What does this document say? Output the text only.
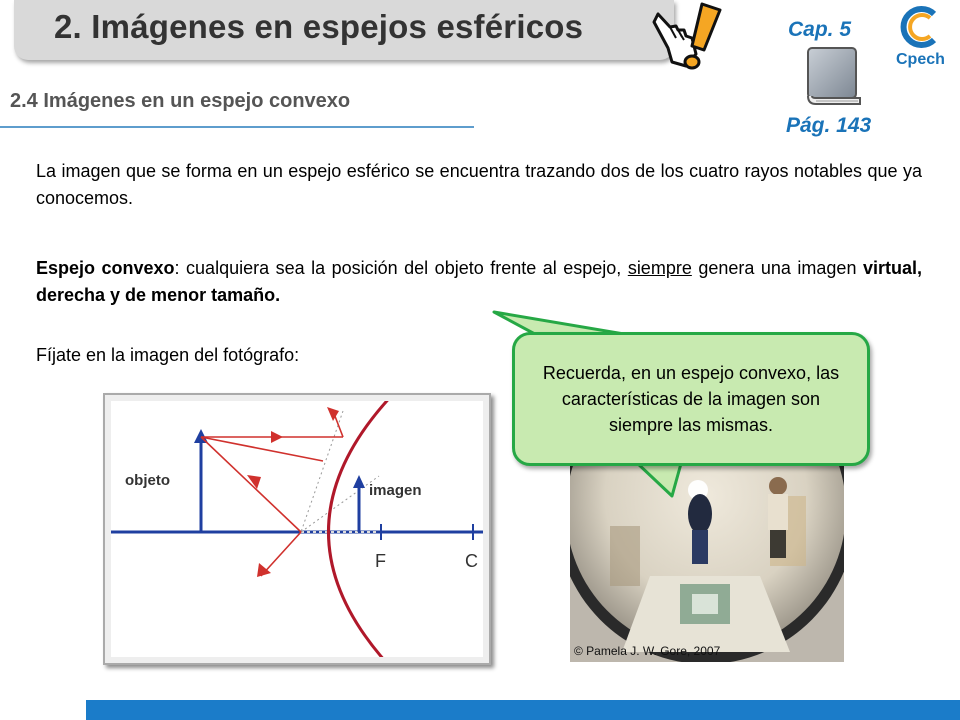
2. Imágenes en espejos esféricos	Cap. 5
Pág. 143
Cpech
2.4 Imágenes en un espejo convexo
La imagen que se forma en un espejo esférico se encuentra trazando dos de los cuatro rayos notables que ya conocemos.
Espejo convexo: cualquiera sea la posición del objeto frente al espejo, siempre genera una imagen virtual, derecha y de menor tamaño.
Fíjate en la imagen del fotógrafo:
objeto
imagen
F	C
© Pamela J. W. Gore, 2007
Recuerda, en un espejo convexo, las características de la imagen son siempre las mismas.
